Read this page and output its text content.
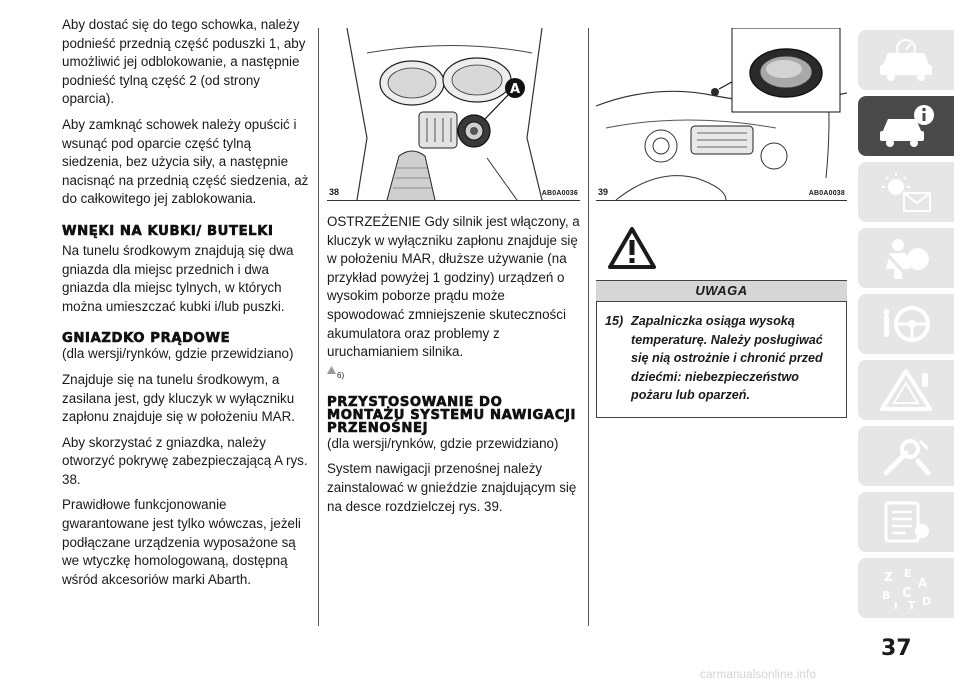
Aby dostać się do tego schowka, należy podnieść przednią część poduszki 1, aby umożliwić jej odblokowanie, a następnie podnieść tylną część 2 (od strony oparcia).

Aby zamknąć schowek należy opuścić i wsunąć pod oparcie część tylną siedzenia, bez użycia siły, a następnie nacisnąć na przednią część siedzenia, aż do całkowitego jej zablokowania.

WNĘKI NA KUBKI/ BUTELKI

Na tunelu środkowym znajdują się dwa gniazda dla miejsc przednich i dwa gniazda dla miejsc tylnych, w których można umieszczać kubki i/lub puszki.

GNIAZDKO PRĄDOWE

(dla wersji/rynków, gdzie przewidziano)

Znajduje się na tunelu środkowym, a zasilana jest, gdy kluczyk w wyłączniku zapłonu znajduje się w położeniu MAR.

Aby skorzystać z gniazdka, należy otworzyć pokrywę zabezpieczającą A rys. 38.

Prawidłowe funkcjonowanie gwarantowane jest tylko wówczas, jeżeli podłączane urządzenia wyposażone są we wtyczkę homologowaną, dostępną wśród akcesoriów marki Abarth.

A
38	AB0A0036

OSTRZEŻENIE Gdy silnik jest włączony, a kluczyk w wyłączniku zapłonu znajduje się w położeniu MAR, dłuższe używanie (na przykład powyżej 1 godziny) urządzeń o wysokim poborze prądu może spowodować zmniejszenie skuteczności akumulatora oraz problemy z uruchamianiem silnika.

6)
PRZYSTOSOWANIE DO MONTAŻU SYSTEMU NAWIGACJI PRZENOŚNEJ

(dla wersji/rynków, gdzie przewidziano)

System nawigacji przenośnej należy zainstalować w gnieździe znajdującym się na desce rozdzielczej rys. 39.

39	AB0A0038
UWAGA
15) Zapalniczka osiąga wysoką temperaturę. Należy posługiwać się nią ostrożnie i chronić przed dziećmi: niebezpieczeństwo pożaru lub oparzeń.
Z E
A
B C
T D
I
37
carmanualsonline.info
